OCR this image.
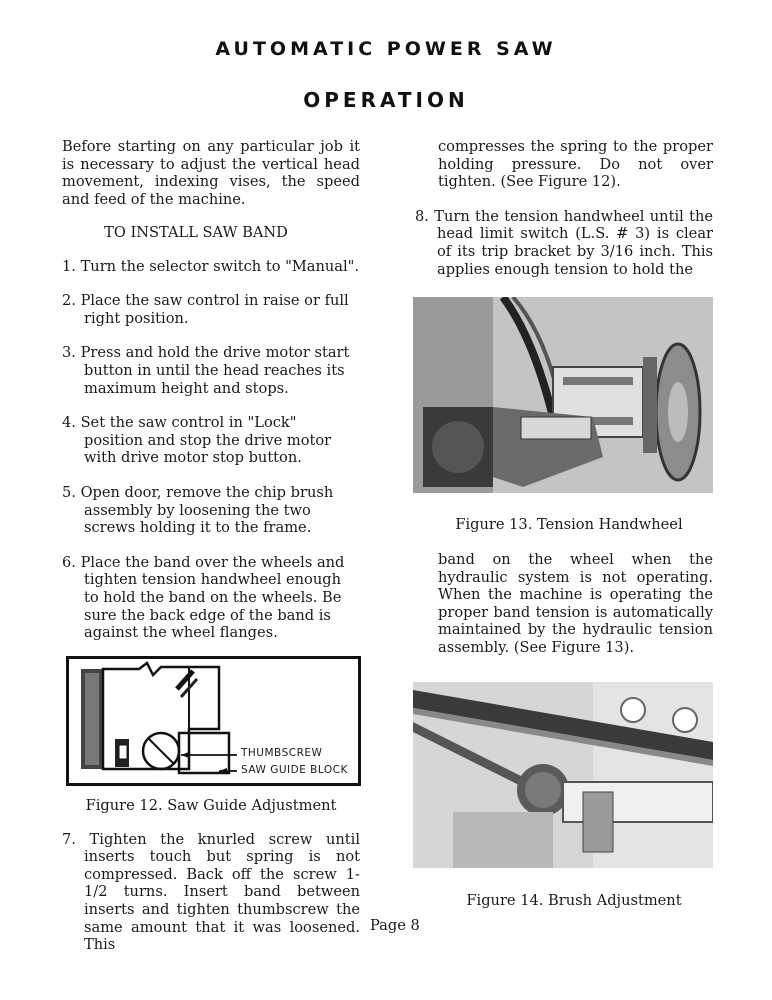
AUTOMATIC POWER SAW
OPERATION

Before starting on any particular job it is necessary to adjust the vertical head movement, indexing vises, the speed and feed of the machine.

TO INSTALL SAW BAND

1. Turn the selector switch to "Manual".

2. Place the saw control in raise or full right position.

3. Press and hold the drive motor start button in until the head reaches its maximum height and stops.

4. Set the saw control in "Lock" position and stop the drive motor with drive motor stop button.

5. Open door, remove the chip brush assembly by loosening the two screws holding it to the frame.

6. Place the band over the wheels and tighten tension handwheel enough to hold the band on the wheels. Be sure the back edge of the band is against the wheel flanges.

THUMBSCREW
SAW GUIDE BLOCK

Figure 12. Saw Guide Adjustment

7. Tighten the knurled screw until inserts touch but spring is not compressed. Back off the screw 1-1/2 turns. Insert band between inserts and tighten thumbscrew the same amount that it was loosened. This

compresses the spring to the proper holding pressure. Do not over tighten. (See Figure 12).

8. Turn the tension handwheel until the head limit switch (L.S. # 3) is clear of its trip bracket by 3/16 inch. This applies enough tension to hold the

Figure 13. Tension Handwheel

band on the wheel when the hydraulic system is not operating. When the machine is operating the proper band tension is automatically maintained by the hydraulic tension assembly. (See Figure 13).

Figure 14. Brush Adjustment

Page 8
